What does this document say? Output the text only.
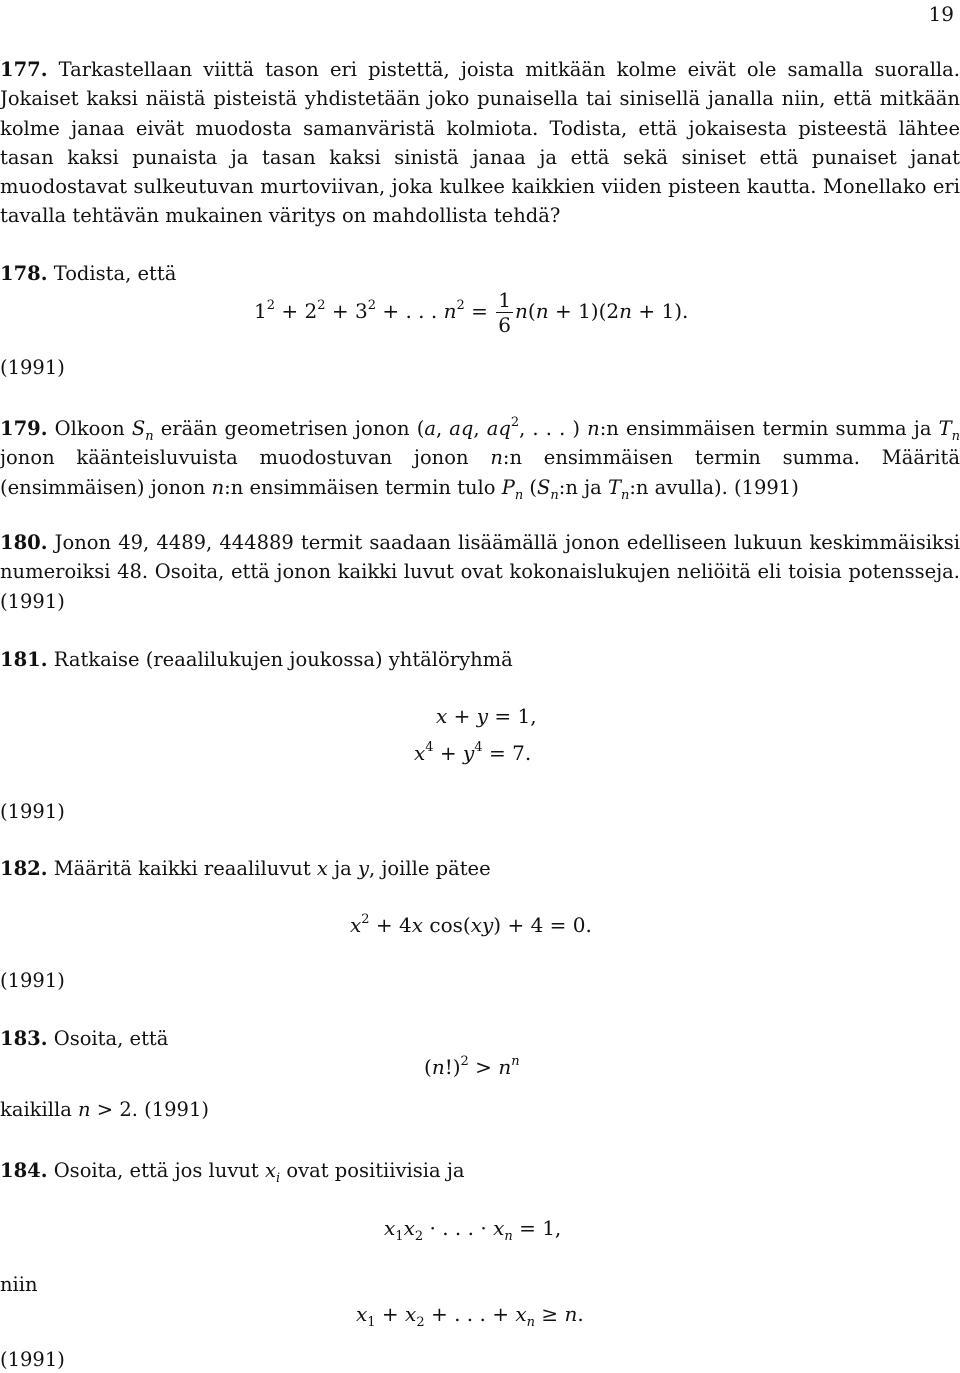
19

177. Tarkastellaan viittä tason eri pistettä, joista mitkään kolme eivät ole samalla suoralla. Jokaiset kaksi näistä pisteistä yhdistetään joko punaisella tai sinisellä janalla niin, että mitkään kolme janaa eivät muodosta samanväristä kolmiota. Todista, että jokaisesta pisteestä lähtee tasan kaksi punaista ja tasan kaksi sinistä janaa ja että sekä siniset että punaiset janat muodostavat sulkeutuvan murtoviivan, joka kulkee kaikkien viiden pisteen kautta. Monellako eri tavalla tehtävän mukainen väritys on mahdollista tehdä?

178. Todista, että
$1^2 + 2^2 + 3^2$ + . . . $n^2 = \frac{1}{6} n(n + 1)(2n + 1)$.
(1991)

179. Olkoon $S_n$ erään geometrisen jonon (a, aq, $aq^2$, . . . ) n:n ensimmäisen termin summa ja $T_n$ jonon käänteisluvuista muodostuvan jonon n:n ensimmäisen termin summa. Määritä (ensimmäisen) jonon n:n ensimmäisen termin tulo $P_n$ ($S_n:n$ ja $T_n:n$ avulla). (1991)

180. Jonon 49, 4489, 444889 termit saadaan lisäämällä jonon edelliseen lukuun keskimmäisiksi numeroiksi 48. Osoita, että jonon kaikki luvut ovat kokonaislukujen neliöitä eli toisia potensseja. (1991)

181. Ratkaise (reaalilukujen joukossa) yhtälöryhmä
x + y = 1,
$x^4 + y^4 = 7$.
(1991)
182. Määritä kaikki reaaliluvut x ja y, joille pätee
$x^2 + 4x$ cos(xy) + 4 = 0.
(1991)
183. Osoita, että
$(n!)^2 > n^n$
kaikilla n > 2. (1991)
184. Osoita, että jos luvut $x_i$ ovat positiivisia ja
$x_1x_2$ · . . . · $x_n = 1$,
niin
$x_1 + x_2$ + . . . + $x_n \ge n$.
(1991)
